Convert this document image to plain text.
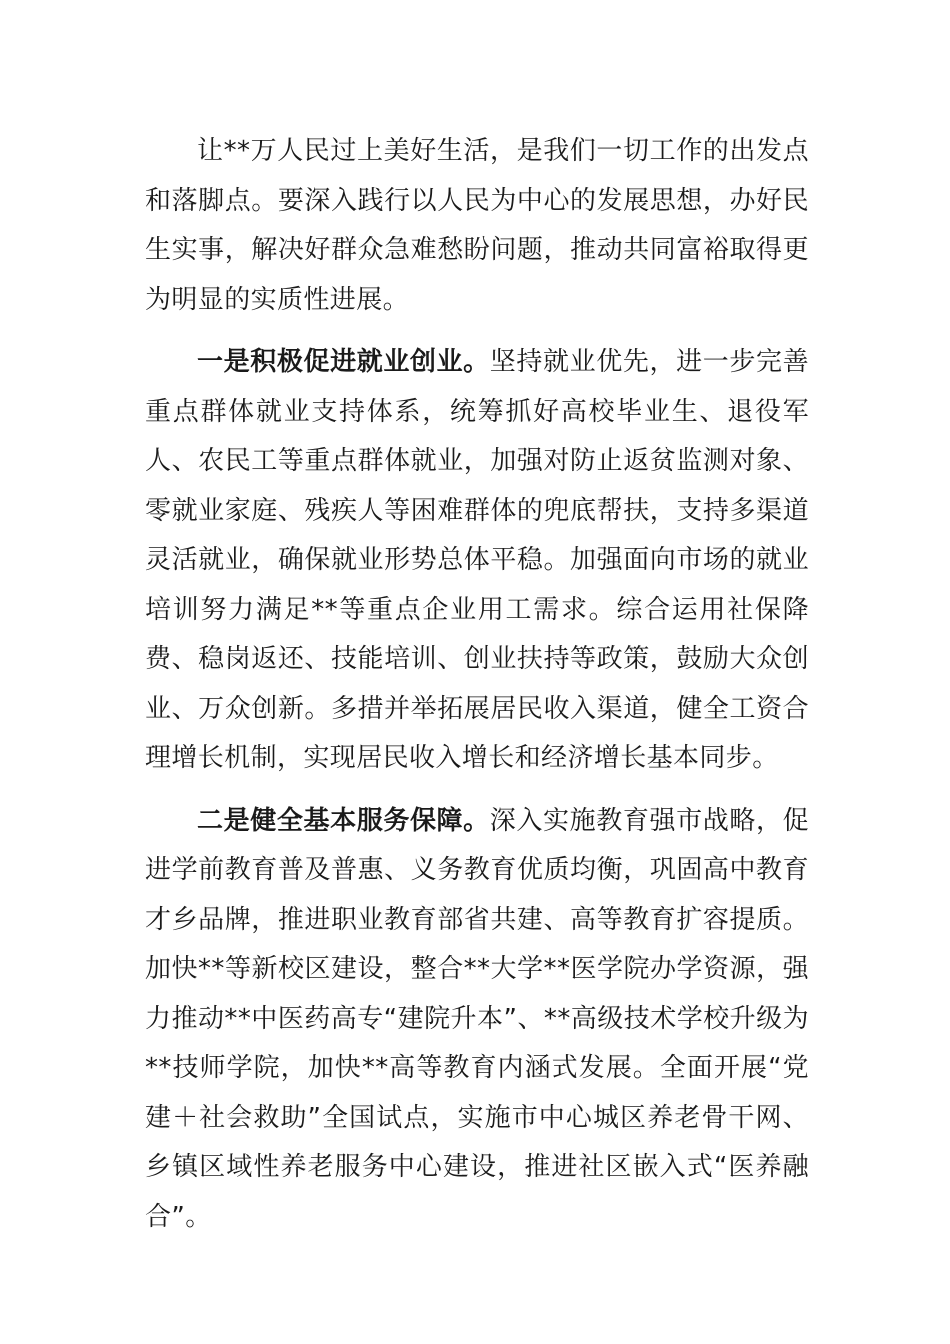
让**万人民过上美好生活，是我们一切工作的出发点和落脚点。要深入践行以人民为中心的发展思想，办好民生实事，解决好群众急难愁盼问题，推动共同富裕取得更为明显的实质性进展。

一是积极促进就业创业。坚持就业优先，进一步完善重点群体就业支持体系，统筹抓好高校毕业生、退役军人、农民工等重点群体就业，加强对防止返贫监测对象、零就业家庭、残疾人等困难群体的兜底帮扶，支持多渠道灵活就业，确保就业形势总体平稳。加强面向市场的就业培训努力满足**等重点企业用工需求。综合运用社保降费、稳岗返还、技能培训、创业扶持等政策，鼓励大众创业、万众创新。多措并举拓展居民收入渠道，健全工资合理增长机制，实现居民收入增长和经济增长基本同步。

二是健全基本服务保障。深入实施教育强市战略，促进学前教育普及普惠、义务教育优质均衡，巩固高中教育才乡品牌，推进职业教育部省共建、高等教育扩容提质。加快**等新校区建设，整合**大学**医学院办学资源，强力推动**中医药高专“建院升本”、**高级技术学校升级为**技师学院，加快**高等教育内涵式发展。全面开展“党建＋社会救助”全国试点，实施市中心城区养老骨干网、乡镇区域性养老服务中心建设，推进社区嵌入式“医养融合”。
